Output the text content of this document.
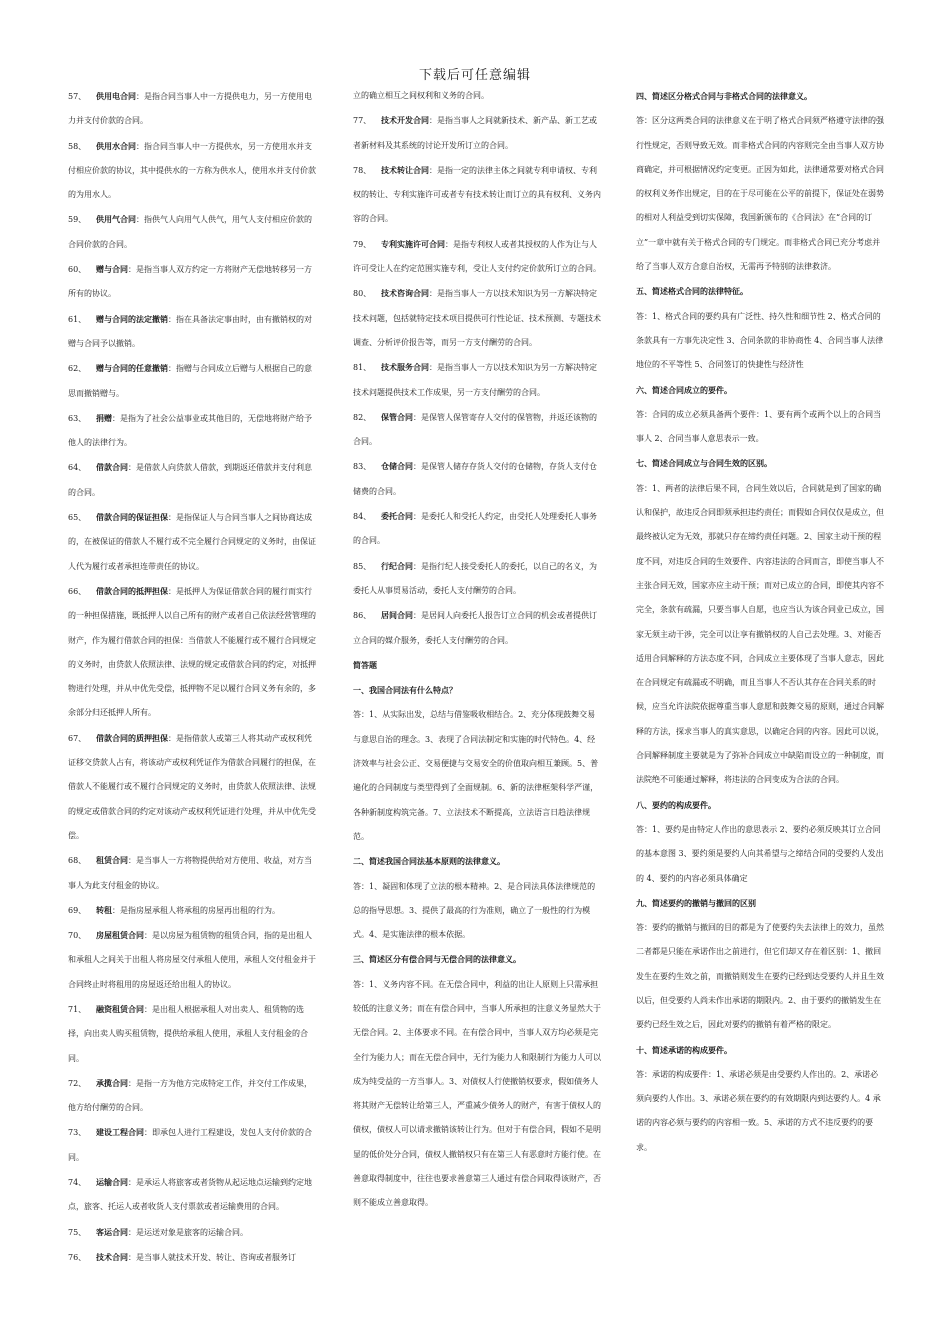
下载后可任意编辑

57、 供用电合同：是指合同当事人中一方提供电力，另一方使用电力并支付价款的合同。

58、 供用水合同：指合同当事人中一方提供水，另一方使用水并支付相应价款的协议，其中提供水的一方称为供水人，使用水并支付价款的为用水人。

59、 供用气合同：指供气人向用气人供气，用气人支付相应价款的合同价款的合同。

60、 赠与合同：是指当事人双方约定一方将财产无偿地转移另一方所有的协议。

61、 赠与合同的法定撤销：指在具备法定事由时，由有撤销权的对赠与合同予以撤销。

62、 赠与合同的任意撤销：指赠与合同成立后赠与人根据自己的意思而撤销赠与。

63、 捐赠：是指为了社会公益事业或其他目的，无偿地将财产给予他人的法律行为。

64、 借款合同：是借款人向贷款人借款，到期返还借款并支付利息的合同。

65、 借款合同的保证担保：是指保证人与合同当事人之间协商达成的，在被保证的借款人不履行或不完全履行合同规定的义务时，由保证人代为履行或者承担连带责任的协议。

66、 借款合同的抵押担保：是抵押人为保证借款合同的履行而实行的一种担保措施，既抵押人以自己所有的财产或者自己依法经营管理的财产，作为履行借款合同的担保：当借款人不能履行或不履行合同规定的义务时，由贷款人依照法律、法规的规定或借款合同的约定，对抵押物进行处理，并从中优先受偿，抵押物不足以履行合同义务有余的，多余部分归还抵押人所有。

67、 借款合同的质押担保：是指借款人或第三人将其动产或权利凭证移交贷款人占有，将该动产或权利凭证作为借款合同履行的担保，在借款人不能履行或不履行合同规定的义务时，由贷款人依照法律、法规的规定或借款合同的约定对该动产或权利凭证进行处理，并从中优先受偿。

68、 租赁合同：是当事人一方将物提供给对方使用、收益，对方当事人为此支付租金的协议。

69、 转租：是指房屋承租人将承租的房屋再出租的行为。

70、 房屋租赁合同：是以房屋为租赁物的租赁合同，指的是出租人和承租人之间关于出租人将房屋交付承租人使用，承租人交付租金并于合同终止时将租用的房屋返还给出租人的协议。

71、 融资租赁合同：是出租人根据承租人对出卖人、租赁物的选择，向出卖人购买租赁物，提供给承租人使用，承租人支付租金的合同。

72、 承揽合同：是指一方为他方完成特定工作，并交付工作成果，他方给付酬劳的合同。

73、 建设工程合同：即承包人进行工程建设，发包人支付价款的合同。

74、 运输合同：是承运人将旅客或者货物从起运地点运输到约定地点，旅客、托运人或者收货人支付票款或者运输费用的合同。

75、 客运合同：是运送对象是旅客的运输合同。

76、 技术合同：是当事人就技术开发、转让、咨询或者服务订

立的确立相互之间权利和义务的合同。

77、 技术开发合同：是指当事人之间就新技术、新产品、新工艺或者新材料及其系统的讨论开发所订立的合同。

78、 技术转让合同：是指一定的法律主体之间就专利申请权、专利权的转让、专利实施许可或者专有技术转让而订立的具有权利、义务内容的合同。

79、 专利实施许可合同：是指专利权人或者其授权的人作为让与人许可受让人在约定范围实施专利，受让人支付约定价款所订立的合同。

80、 技术咨询合同：是指当事人一方以技术知识为另一方解决特定技术问题，包括就特定技术项目提供可行性论证、技术预测、专题技术调查、分析评价报告等，而另一方支付酬劳的合同。

81、 技术服务合同：是指当事人一方以技术知识为另一方解决特定技术问题提供技术工作成果，另一方支付酬劳的合同。

82、 保管合同：是保管人保管寄存人交付的保管物，并返还该物的合同。

83、 仓储合同：是保管人储存存货人交付的仓储物，存货人支付仓储费的合同。

84、 委托合同：是委托人和受托人约定，由受托人处理委托人事务的合同。

85、 行纪合同：是指行纪人接受委托人的委托，以自己的名义，为委托人从事贸易活动，委托人支付酬劳的合同。

86、 居间合同：是居间人向委托人报告订立合同的机会或者提供订立合同的媒介服务，委托人支付酬劳的合同。

简答题

一、我国合同法有什么特点？

答：1、从实际出发，总结与借鉴吸收相结合。2、充分体现鼓舞交易与意思自治的理念。3、表现了合同法制定和实施的时代特色。4、经济效率与社会公正、交易便捷与交易安全的价值取向相互兼顾。5、普遍化的合同制度与类型得到了全面规制。6、新的法律框架科学严谨，各种新制度构筑完备。7、立法技术不断提高，立法语言日趋法律规范。

二、简述我国合同法基本原则的法律意义。

答：1、凝固和体现了立法的根本精神。2、是合同法具体法律规范的总的指导思想。3、提供了最高的行为准则，确立了一般性的行为模式。4、是实施法律的根本依据。

三、简述区分有偿合同与无偿合同的法律意义。

答：1、义务内容不同。在无偿合同中，利益的出让人原则上只需承担较低的注意义务；而在有偿合同中，当事人所承担的注意义务显然大于无偿合同。2、主体要求不同。在有偿合同中，当事人双方均必须是完全行为能力人；而在无偿合同中，无行为能力人和限制行为能力人可以成为纯受益的一方当事人。3、对债权人行使撤销权要求，假如债务人将其财产无偿转让给第三人，严重减少债务人的财产，有害于债权人的债权，债权人可以请求撤销该转让行为。但对于有偿合同，假如不是明显的低价处分合同，债权人撤销权只有在第三人有恶意时方能行使。在善意取得制度中，往往也要求善意第三人通过有偿合同取得该财产，否则不能成立善意取得。

四、简述区分格式合同与非格式合同的法律意义。

答：区分这两类合同的法律意义在于明了格式合同须严格遵守法律的强行性规定，否则导致无效。而非格式合同的内容则完全由当事人双方协商确定，并可根据情况约定变更。正因为如此，法律通常要对格式合同的权利义务作出规定，目的在于尽可能在公平的前提下，保证处在弱势的相对人利益受到切实保障，我国新颁布的《合同法》在“合同的订立”一章中就有关于格式合同的专门规定。而非格式合同已充分考虑并给了当事人双方合意自治权，无需再予特别的法律救济。

五、简述格式合同的法律特征。

答：1、格式合同的要约具有广泛性、持久性和细节性 2、格式合同的条款具有一方事先决定性 3、合同条款的非协商性 4、合同当事人法律地位的不平等性 5、合同签订的快捷性与经济性

六、简述合同成立的要件。

答：合同的成立必须具备两个要件：1、要有两个或两个以上的合同当事人 2、合同当事人意思表示一致。

七、简述合同成立与合同生效的区别。

答：1、两者的法律后果不同，合同生效以后，合同就是到了国家的确认和保护，故违反合同即须承担违约责任；而假如合同仅仅是成立，但最终被认定为无效，那就只存在缔约责任问题。2、国家主动干预的程度不同，对违反合同的生效要件、内容违法的合同而言，即使当事人不主张合同无效，国家亦应主动干预；而对已成立的合同，即使其内容不完全，条款有疏漏，只要当事人自愿，也应当认为该合同业已成立，国家无须主动干涉，完全可以让享有撤销权的人自己去处理。3、对能否适用合同解释的方法态度不同，合同成立主要体现了当事人意志，因此在合同规定有疏漏或不明确，而且当事人不否认其存在合同关系的时候，应当允许法院依据尊重当事人意愿和鼓舞交易的原则，通过合同解释的方法，探求当事人的真实意思，以确定合同的内容。因此可以说，合同解释制度主要就是为了弥补合同成立中缺陷而设立的一种制度，而法院绝不可能通过解释，将违法的合同变成为合法的合同。

八、要约的构成要件。

答：1、要约是由特定人作出的意思表示 2、要约必须反映其订立合同的基本意图 3、要约须是要约人向其希望与之缔结合同的受要约人发出的 4、要约的内容必须具体确定

九、简述要约的撤销与撤回的区别

答：要约的撤销与撤回的目的都是为了使要约失去法律上的效力，虽然二者都是只能在承诺作出之前进行，但它们却又存在着区别：1、撤回发生在要约生效之前，而撤销则发生在要约已经到达受要约人并且生效以后，但受要约人尚未作出承诺的期限内。2、由于要约的撤销发生在要约已经生效之后，因此对要约的撤销有着严格的限定。

十、简述承诺的构成要件。

答：承诺的构成要件：1、承诺必须是由受要约人作出的。2、承诺必须向要约人作出。3、承诺必须在要约的有效期限内到达要约人。4 承诺的内容必须与要约的内容相一致。5、承诺的方式不违反要约的要求。
